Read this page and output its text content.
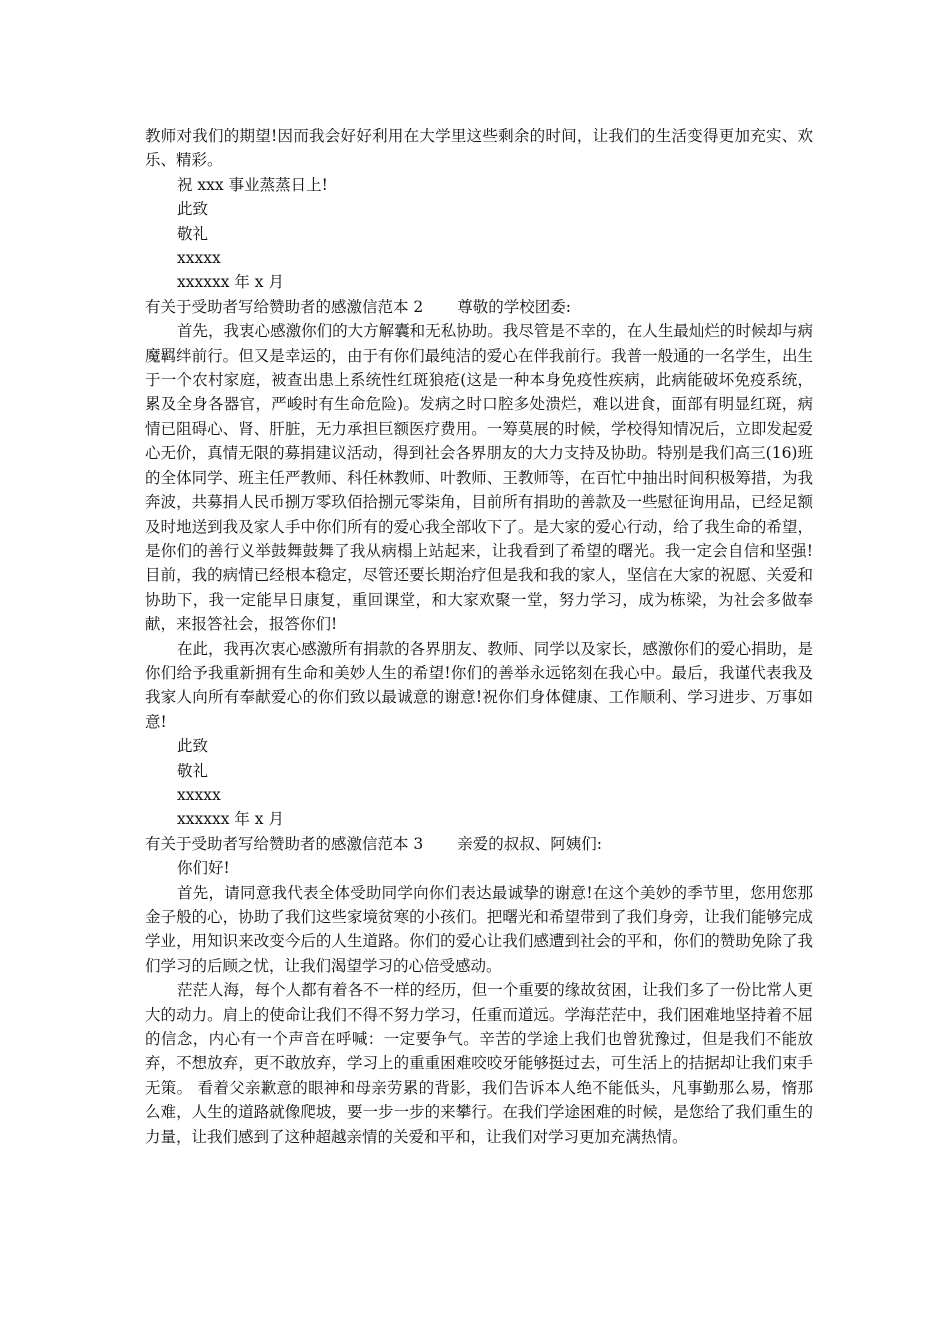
教师对我们的期望!因而我会好好利用在大学里这些剩余的时间，让我们的生活变得更加充实、欢乐、精彩。

祝 xxx 事业蒸蒸日上!

此致

敬礼

xxxxx

xxxxxx 年 x 月

有关于受助者写给赞助者的感激信范本 2 尊敬的学校团委:

首先，我衷心感激你们的大方解囊和无私协助。我尽管是不幸的，在人生最灿烂的时候却与病魔羁绊前行。但又是幸运的，由于有你们最纯洁的爱心在伴我前行。我普一般通的一名学生，出生于一个农村家庭，被查出患上系统性红斑狼疮(这是一种本身免疫性疾病，此病能破坏免疫系统，累及全身各器官，严峻时有生命危险)。发病之时口腔多处溃烂，难以进食，面部有明显红斑，病情已阻碍心、肾、肝脏，无力承担巨额医疗费用。一筹莫展的时候，学校得知情况后，立即发起爱心无价，真情无限的募捐建议活动，得到社会各界朋友的大力支持及协助。特别是我们高三(16)班的全体同学、班主任严教师、科任林教师、叶教师、王教师等，在百忙中抽出时间积极筹措，为我奔波，共募捐人民币捌万零玖佰拾捌元零柒角，目前所有捐助的善款及一些慰征询用品，已经足额及时地送到我及家人手中你们所有的爱心我全部收下了。是大家的爱心行动，给了我生命的希望，是你们的善行义举鼓舞鼓舞了我从病榻上站起来，让我看到了希望的曙光。我一定会自信和坚强!目前，我的病情已经根本稳定，尽管还要长期治疗但是我和我的家人，坚信在大家的祝愿、关爱和协助下，我一定能早日康复，重回课堂，和大家欢聚一堂，努力学习，成为栋梁，为社会多做奉献，来报答社会，报答你们!

在此，我再次衷心感激所有捐款的各界朋友、教师、同学以及家长，感激你们的爱心捐助，是你们给予我重新拥有生命和美妙人生的希望!你们的善举永远铭刻在我心中。最后，我谨代表我及我家人向所有奉献爱心的你们致以最诚意的谢意!祝你们身体健康、工作顺利、学习进步、万事如意!

此致

敬礼

xxxxx

xxxxxx 年 x 月

有关于受助者写给赞助者的感激信范本 3 亲爱的叔叔、阿姨们:

你们好!

首先，请同意我代表全体受助同学向你们表达最诚挚的谢意!在这个美妙的季节里，您用您那金子般的心，协助了我们这些家境贫寒的小孩们。把曙光和希望带到了我们身旁，让我们能够完成学业，用知识来改变今后的人生道路。你们的爱心让我们感遭到社会的平和，你们的赞助免除了我们学习的后顾之忧，让我们渴望学习的心倍受感动。

茫茫人海，每个人都有着各不一样的经历，但一个重要的缘故贫困，让我们多了一份比常人更大的动力。肩上的使命让我们不得不努力学习，任重而道远。学海茫茫中，我们困难地坚持着不屈的信念，内心有一个声音在呼喊：一定要争气。辛苦的学途上我们也曾犹豫过，但是我们不能放弃，不想放弃，更不敢放弃，学习上的重重困难咬咬牙能够挺过去，可生活上的拮据却让我们束手无策。 看着父亲歉意的眼神和母亲劳累的背影，我们告诉本人绝不能低头，凡事勤那么易，惰那么难，人生的道路就像爬坡，要一步一步的来攀行。在我们学途困难的时候，是您给了我们重生的力量，让我们感到了这种超越亲情的关爱和平和，让我们对学习更加充满热情。
